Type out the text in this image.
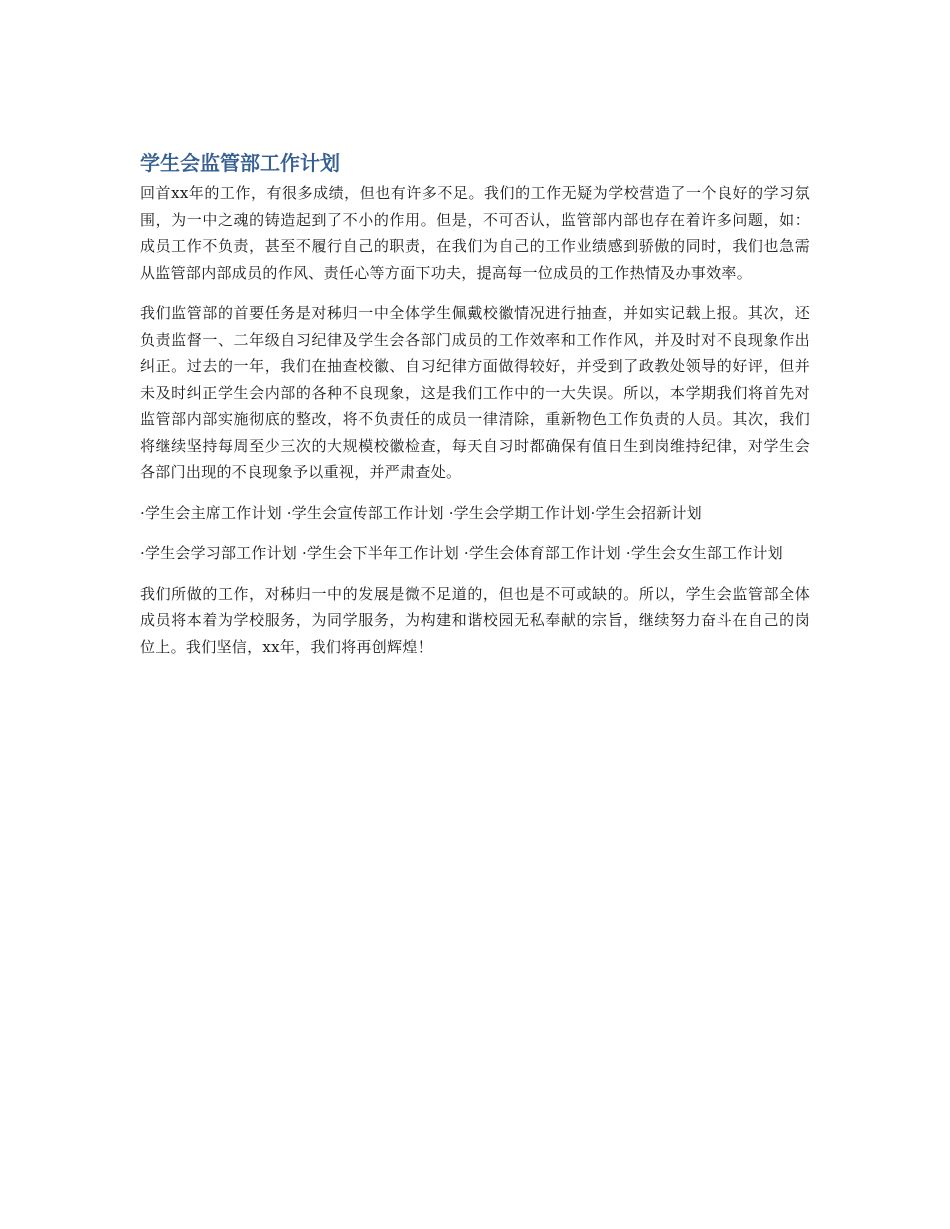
学生会监管部工作计划

回首xx年的工作，有很多成绩，但也有许多不足。我们的工作无疑为学校营造了一个良好的学习氛围，为一中之魂的铸造起到了不小的作用。但是，不可否认，监管部内部也存在着许多问题，如：成员工作不负责，甚至不履行自己的职责，在我们为自己的工作业绩感到骄傲的同时，我们也急需从监管部内部成员的作风、责任心等方面下功夫，提高每一位成员的工作热情及办事效率。

我们监管部的首要任务是对秭归一中全体学生佩戴校徽情况进行抽查，并如实记载上报。其次，还负责监督一、二年级自习纪律及学生会各部门成员的工作效率和工作作风，并及时对不良现象作出纠正。过去的一年，我们在抽查校徽、自习纪律方面做得较好，并受到了政教处领导的好评，但并未及时纠正学生会内部的各种不良现象，这是我们工作中的一大失误。所以，本学期我们将首先对监管部内部实施彻底的整改，将不负责任的成员一律清除，重新物色工作负责的人员。其次，我们将继续坚持每周至少三次的大规模校徽检查，每天自习时都确保有值日生到岗维持纪律，对学生会各部门出现的不良现象予以重视，并严肃查处。

· 学生会主席工作计划 · 学生会宣传部工作计划 · 学生会学期工作计划 · 学生会招新计划
· 学生会学习部工作计划 · 学生会下半年工作计划 · 学生会体育部工作计划 · 学生会女生部工作计划

我们所做的工作，对秭归一中的发展是微不足道的，但也是不可或缺的。所以，学生会监管部全体成员将本着为学校服务，为同学服务，为构建和谐校园无私奉献的宗旨，继续努力奋斗在自己的岗位上。我们坚信，xx年，我们将再创辉煌！
